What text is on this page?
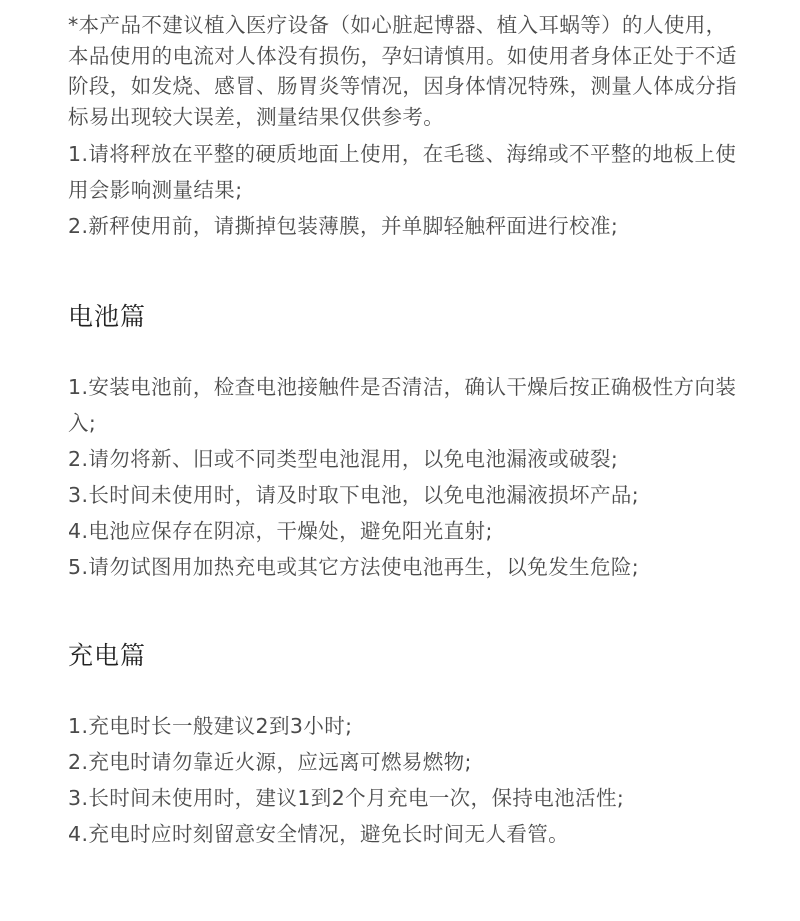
*本产品不建议植入医疗设备（如心脏起博器、植入耳蜗等）的人使用，本品使用的电流对人体没有损伤，孕妇请慎用。如使用者身体正处于不适阶段，如发烧、感冒、肠胃炎等情况，因身体情况特殊，测量人体成分指标易出现较大误差，测量结果仅供参考。

1.请将秤放在平整的硬质地面上使用，在毛毯、海绵或不平整的地板上使用会影响测量结果;
2.新秤使用前，请撕掉包装薄膜，并单脚轻触秤面进行校准;
电池篇
1.安装电池前，检查电池接触件是否清洁，确认干燥后按正确极性方向装入;
2.请勿将新、旧或不同类型电池混用，以免电池漏液或破裂;
3.长时间未使用时，请及时取下电池，以免电池漏液损坏产品;
4.电池应保存在阴凉，干燥处，避免阳光直射;
5.请勿试图用加热充电或其它方法使电池再生，以免发生危险;
充电篇
1.充电时长一般建议2到3小时;
2.充电时请勿靠近火源，应远离可燃易燃物;
3.长时间未使用时，建议1到2个月充电一次，保持电池活性;
4.充电时应时刻留意安全情况，避免长时间无人看管。
